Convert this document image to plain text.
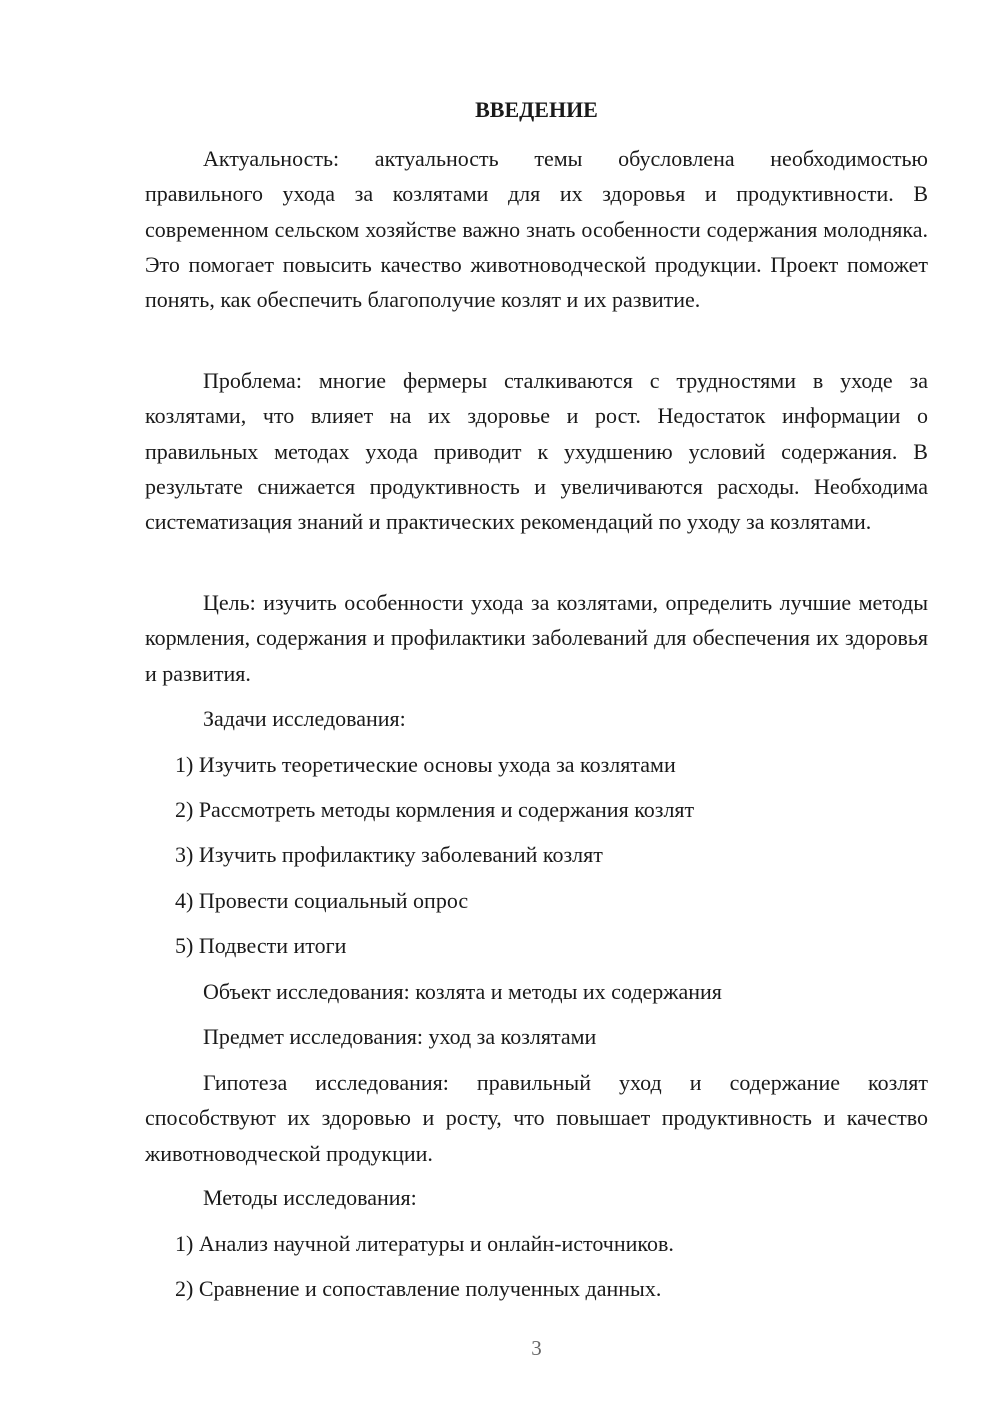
ВВЕДЕНИЕ

Актуальность: актуальность темы обусловлена необходимостью правильного ухода за козлятами для их здоровья и продуктивности. В современном сельском хозяйстве важно знать особенности содержания молодняка. Это помогает повысить качество животноводческой продукции. Проект поможет понять, как обеспечить благополучие козлят и их развитие.

Проблема: многие фермеры сталкиваются с трудностями в уходе за козлятами, что влияет на их здоровье и рост. Недостаток информации о правильных методах ухода приводит к ухудшению условий содержания. В результате снижается продуктивность и увеличиваются расходы. Необходима систематизация знаний и практических рекомендаций по уходу за козлятами.

Цель: изучить особенности ухода за козлятами, определить лучшие методы кормления, содержания и профилактики заболеваний для обеспечения их здоровья и развития.

Задачи исследования:

1) Изучить теоретические основы ухода за козлятами

2) Рассмотреть методы кормления и содержания козлят

3) Изучить профилактику заболеваний козлят

4) Провести социальный опрос

5) Подвести итоги

Объект исследования: козлята и методы их содержания

Предмет исследования: уход за козлятами

Гипотеза исследования: правильный уход и содержание козлят способствуют их здоровью и росту, что повышает продуктивность и качество животноводческой продукции.

Методы исследования:

1) Анализ научной литературы и онлайн-источников.

2) Сравнение и сопоставление полученных данных.

3
